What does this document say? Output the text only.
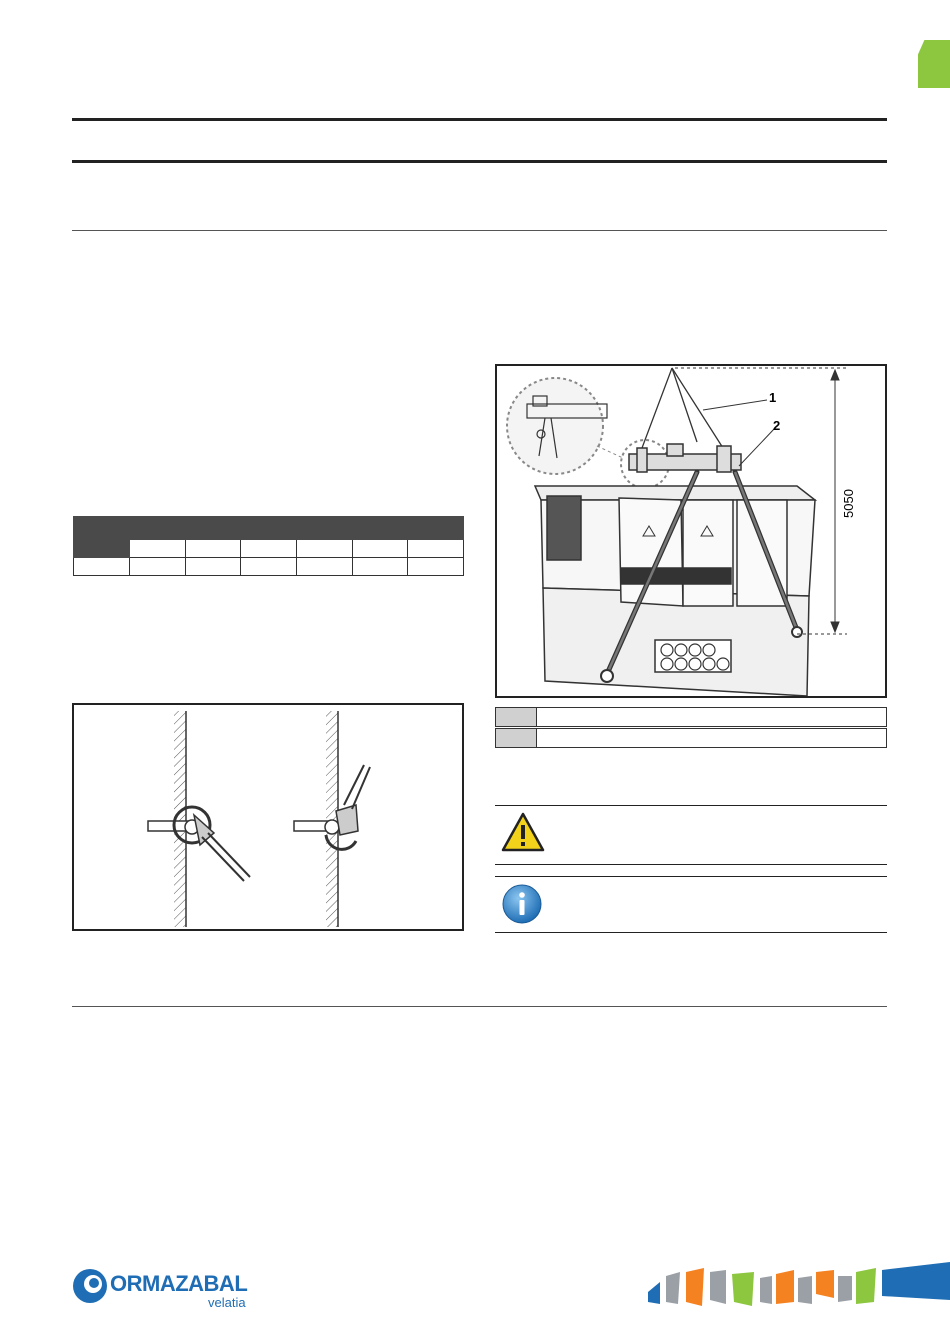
1
2
5050
ORMAZABAL
velatia
